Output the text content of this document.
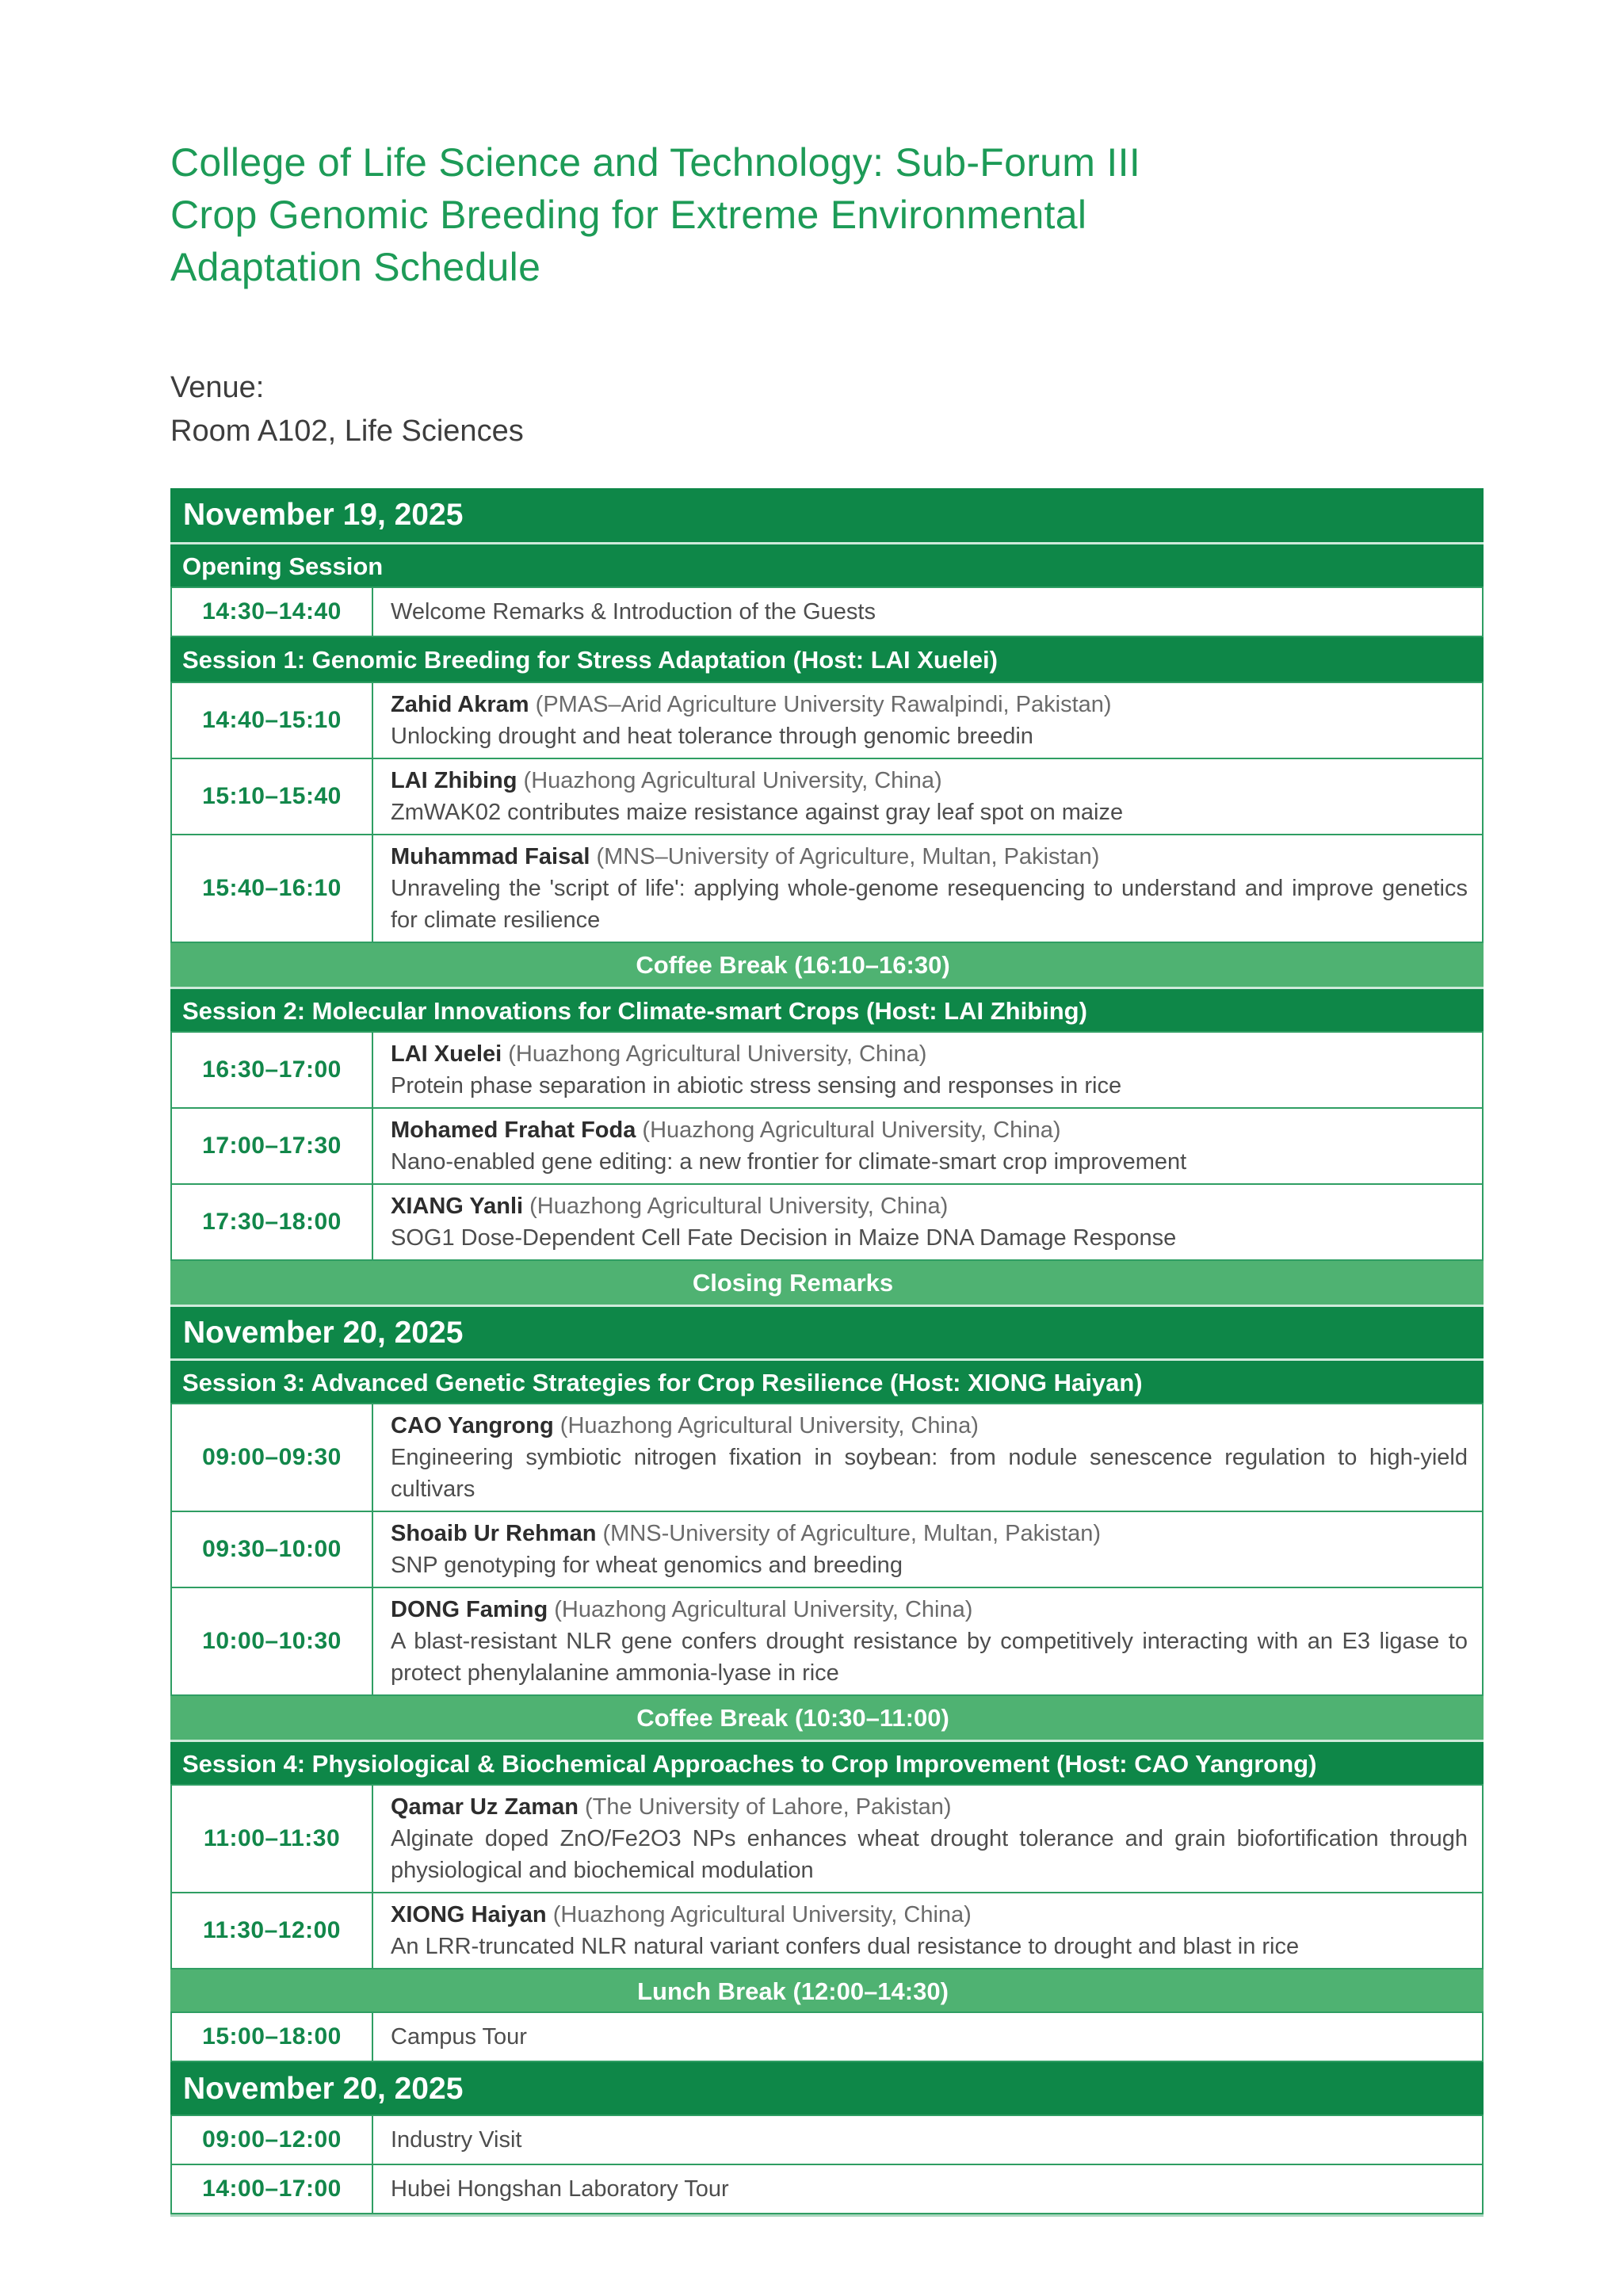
College of Life Science and Technology: Sub-Forum III
Crop Genomic Breeding for Extreme Environmental
Adaptation Schedule
Venue:
Room A102, Life Sciences
November 19, 2025
Opening Session
14:30–14:40 Welcome Remarks & Introduction of the Guests
Session 1: Genomic Breeding for Stress Adaptation (Host: LAI Xuelei)
14:40–15:10
Zahid Akram (PMAS–Arid Agriculture University Rawalpindi, Pakistan)
Unlocking drought and heat tolerance through genomic breedin
15:10–15:40
LAI Zhibing (Huazhong Agricultural University, China)
ZmWAK02 contributes maize resistance against gray leaf spot on maize
15:40–16:10
Muhammad Faisal (MNS–University of Agriculture, Multan, Pakistan)
Unraveling the 'script of life': applying whole-genome resequencing to understand and improve genetics for climate resilience
Coffee Break (16:10–16:30)
Session 2: Molecular Innovations for Climate-smart Crops (Host: LAI Zhibing)
16:30–17:00
LAI Xuelei (Huazhong Agricultural University, China)
Protein phase separation in abiotic stress sensing and responses in rice
17:00–17:30
Mohamed Frahat Foda (Huazhong Agricultural University, China)
Nano-enabled gene editing: a new frontier for climate-smart crop improvement
17:30–18:00
XIANG Yanli (Huazhong Agricultural University, China)
SOG1 Dose-Dependent Cell Fate Decision in Maize DNA Damage Response
Closing Remarks
November 20, 2025
Session 3: Advanced Genetic Strategies for Crop Resilience (Host: XIONG Haiyan)
09:00–09:30
CAO Yangrong (Huazhong Agricultural University, China)
Engineering symbiotic nitrogen fixation in soybean: from nodule senescence regulation to high-yield cultivars
09:30–10:00
Shoaib Ur Rehman (MNS-University of Agriculture, Multan, Pakistan)
SNP genotyping for wheat genomics and breeding
10:00–10:30
DONG Faming (Huazhong Agricultural University, China)
A blast-resistant NLR gene confers drought resistance by competitively interacting with an E3 ligase to protect phenylalanine ammonia-lyase in rice
Coffee Break (10:30–11:00)
Session 4: Physiological & Biochemical Approaches to Crop Improvement (Host: CAO Yangrong)
11:00–11:30
Qamar Uz Zaman (The University of Lahore, Pakistan)
Alginate doped ZnO/Fe2O3 NPs enhances wheat drought tolerance and grain biofortification through physiological and biochemical modulation
11:30–12:00
XIONG Haiyan (Huazhong Agricultural University, China)
An LRR-truncated NLR natural variant confers dual resistance to drought and blast in rice
Lunch Break (12:00–14:30)
15:00–18:00 Campus Tour
November 20, 2025
09:00–12:00 Industry Visit
14:00–17:00 Hubei Hongshan Laboratory Tour
